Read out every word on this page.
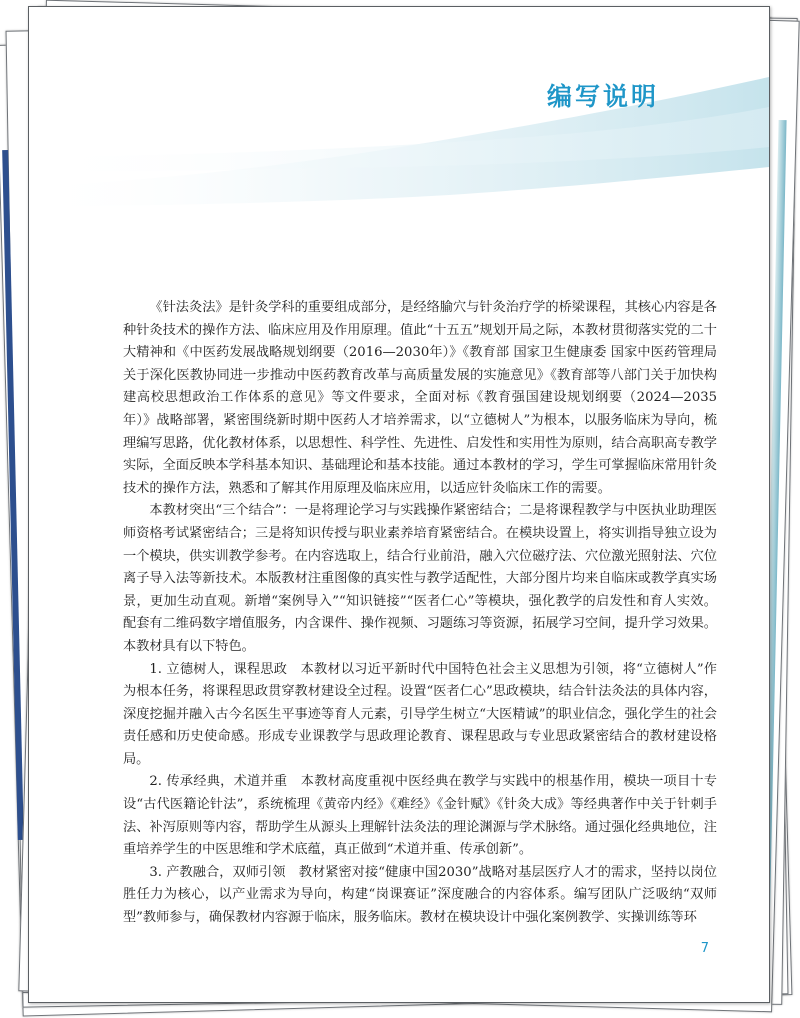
编写说明

《针法灸法》是针灸学科的重要组成部分，是经络腧穴与针灸治疗学的桥梁课程，其核心内容是各种针灸技术的操作方法、临床应用及作用原理。值此“十五五”规划开局之际，本教材贯彻落实党的二十大精神和《中医药发展战略规划纲要（2016—2030年）》《教育部 国家卫生健康委 国家中医药管理局关于深化医教协同进一步推动中医药教育改革与高质量发展的实施意见》《教育部等八部门关于加快构建高校思想政治工作体系的意见》等文件要求，全面对标《教育强国建设规划纲要（2024—2035年）》战略部署，紧密围绕新时期中医药人才培养需求，以“立德树人”为根本，以服务临床为导向，梳理编写思路，优化教材体系，以思想性、科学性、先进性、启发性和实用性为原则，结合高职高专教学实际，全面反映本学科基本知识、基础理论和基本技能。通过本教材的学习，学生可掌握临床常用针灸技术的操作方法，熟悉和了解其作用原理及临床应用，以适应针灸临床工作的需要。

本教材突出“三个结合”：一是将理论学习与实践操作紧密结合；二是将课程教学与中医执业助理医师资格考试紧密结合；三是将知识传授与职业素养培育紧密结合。在模块设置上，将实训指导独立设为一个模块，供实训教学参考。在内容选取上，结合行业前沿，融入穴位磁疗法、穴位激光照射法、穴位离子导入法等新技术。本版教材注重图像的真实性与教学适配性，大部分图片均来自临床或教学真实场景，更加生动直观。新增“案例导入”“知识链接”“医者仁心”等模块，强化教学的启发性和育人实效。配套有二维码数字增值服务，内含课件、操作视频、习题练习等资源，拓展学习空间，提升学习效果。本教材具有以下特色。

1. 立德树人，课程思政　 本教材以习近平新时代中国特色社会主义思想为引领，将“立德树人”作为根本任务，将课程思政贯穿教材建设全过程。设置“医者仁心”思政模块，结合针法灸法的具体内容，深度挖掘并融入古今名医生平事迹等育人元素，引导学生树立“大医精诚”的职业信念，强化学生的社会责任感和历史使命感。形成专业课教学与思政理论教育、课程思政与专业思政紧密结合的教材建设格局。

2. 传承经典，术道并重　 本教材高度重视中医经典在教学与实践中的根基作用，模块一项目十专设“古代医籍论针法”，系统梳理《黄帝内经》《难经》《金针赋》《针灸大成》等经典著作中关于针刺手法、补泻原则等内容，帮助学生从源头上理解针法灸法的理论渊源与学术脉络。通过强化经典地位，注重培养学生的中医思维和学术底蕴，真正做到“术道并重、传承创新”。

3. 产教融合，双师引领　 教材紧密对接“健康中国2030”战略对基层医疗人才的需求，坚持以岗位胜任力为核心，以产业需求为导向，构建“岗课赛证”深度融合的内容体系。编写团队广泛吸纳“双师型”教师参与，确保教材内容源于临床，服务临床。教材在模块设计中强化案例教学、实操训练等环

7
